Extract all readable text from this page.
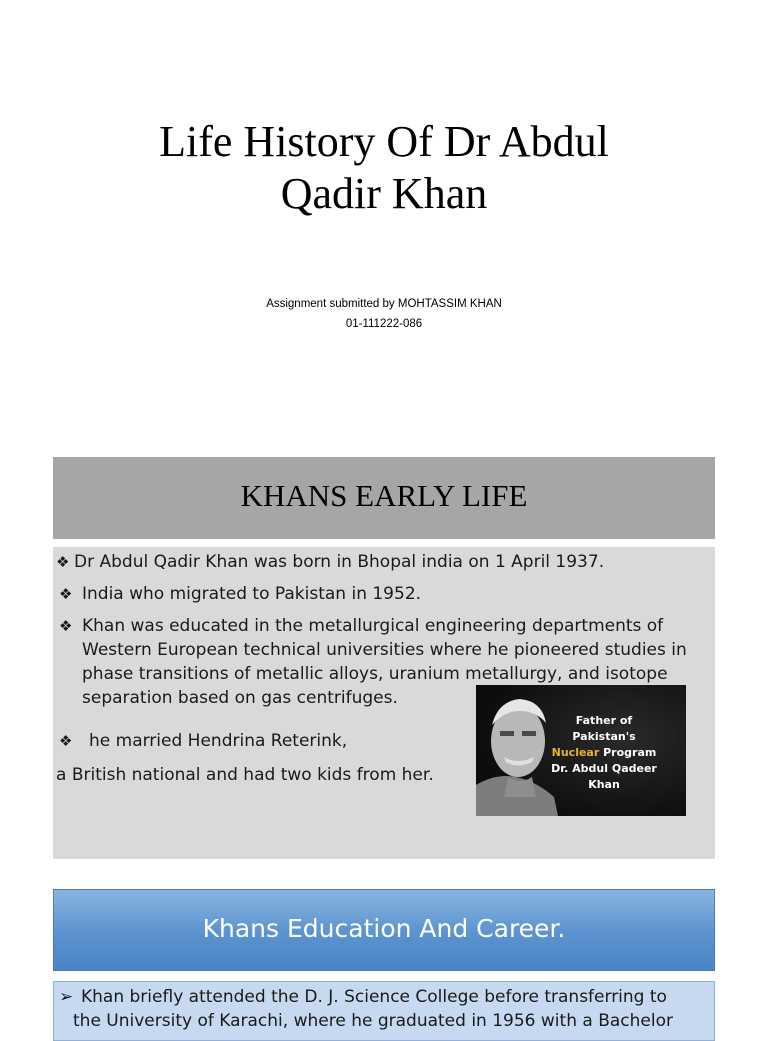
Life History Of Dr Abdul
Qadir Khan
Assignment submitted by MOHTASSIM KHAN
01-111222-086
KHANS EARLY LIFE
❖ Dr Abdul Qadir Khan was born in Bhopal india on 1 April 1937.
❖ India who migrated to Pakistan in 1952.
❖ Khan was educated in the metallurgical engineering departments of Western European technical universities where he pioneered studies in phase transitions of metallic alloys, uranium metallurgy, and isotope separation based on gas centrifuges.
❖ he married Hendrina Reterink,
a British national and had two kids from her.
Father of Pakistan's
Nuclear Program
Dr. Abdul Qadeer
Khan
Khans Education And Career.
➢ Khan briefly attended the D. J. Science College before transferring to
the University of Karachi, where he graduated in 1956 with a Bachelor
